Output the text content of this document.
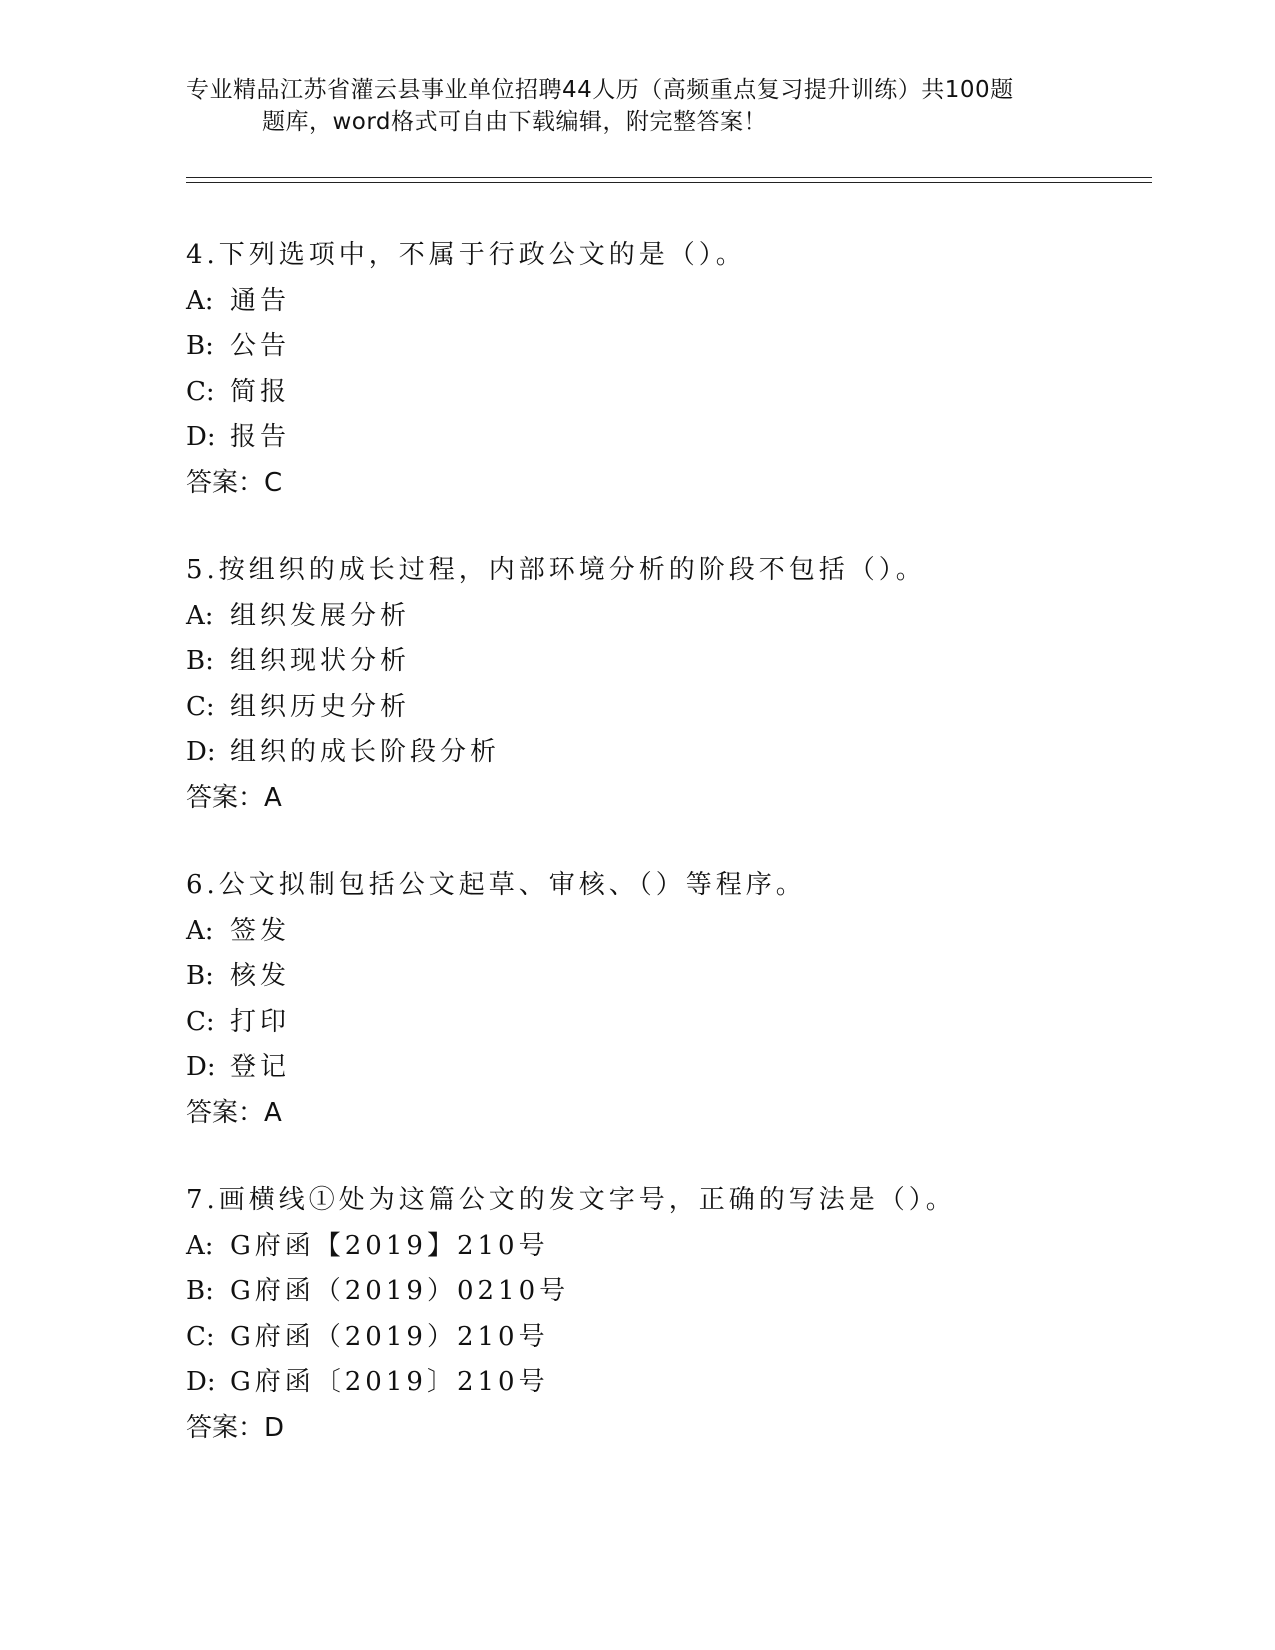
专业精品江苏省灌云县事业单位招聘44人历（高频重点复习提升训练）共100题
题库，word格式可自由下载编辑，附完整答案！
4.下列选项中，不属于行政公文的是（）。
A: 通告
B: 公告
C: 简报
D: 报告
答案：C
5.按组织的成长过程，内部环境分析的阶段不包括（）。
A: 组织发展分析
B: 组织现状分析
C: 组织历史分析
D: 组织的成长阶段分析
答案：A
6.公文拟制包括公文起草、审核、（）等程序。
A: 签发
B: 核发
C: 打印
D: 登记
答案：A
7.画横线①处为这篇公文的发文字号，正确的写法是（）。
A: G府函【2019】210号
B: G府函（2019）0210号
C: G府函（2019）210号
D: G府函〔2019〕210号
答案：D
